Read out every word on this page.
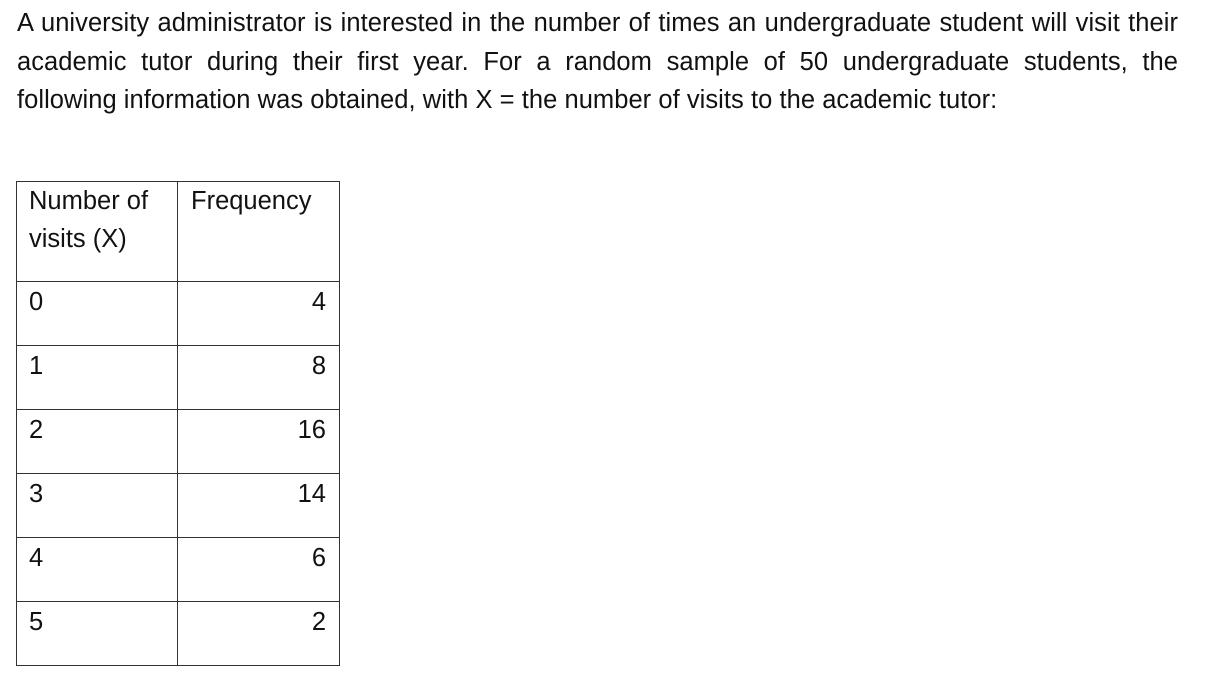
A university administrator is interested in the number of times an undergraduate student will visit their academic tutor during their first year. For a random sample of 50 undergraduate students, the following information was obtained, with X = the number of visits to the academic tutor:

Number of visits (X)	Frequency
0	4
1	8
2	16
3	14
4	6
5	2
